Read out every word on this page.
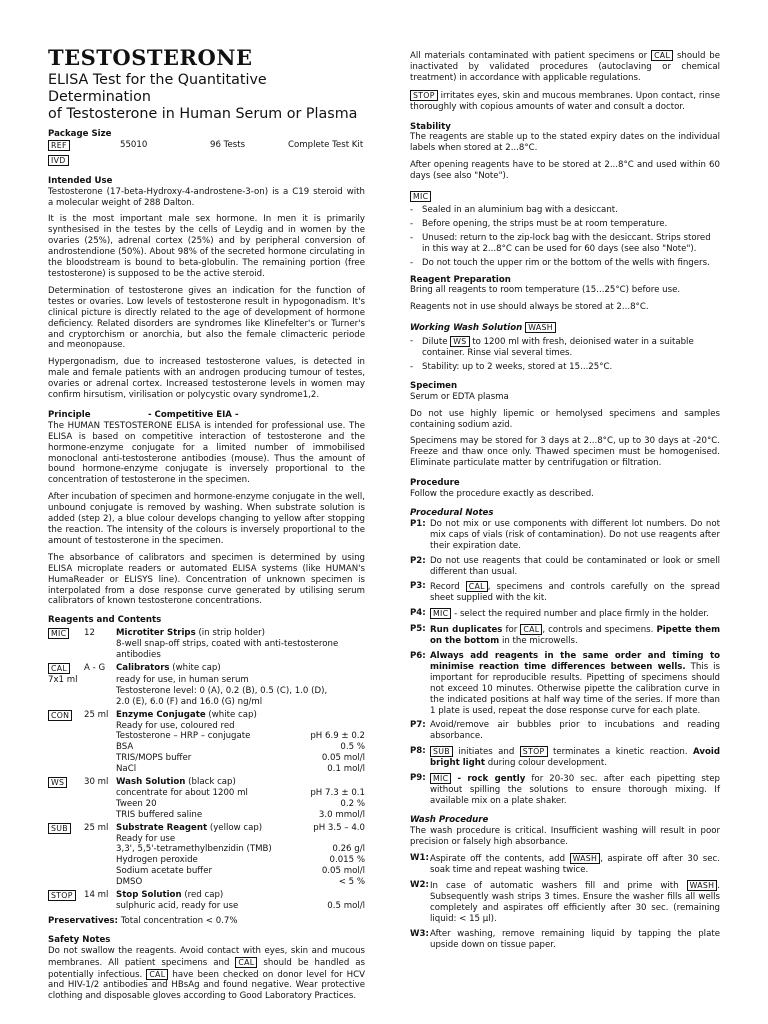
TESTOSTERONE
ELISA Test for the Quantitative Determination
of Testosterone in Human Serum or Plasma
Package Size
REF	55010	96 Tests	Complete Test Kit
IVD
Intended Use

Testosterone (17-beta-Hydroxy-4-androstene-3-on) is a C19 steroid with a molecular weight of 288 Dalton.

It is the most important male sex hormone. In men it is primarily synthesised in the testes by the cells of Leydig and in women by the ovaries (25%), adrenal cortex (25%) and by peripheral conversion of androstendione (50%). About 98% of the secreted hormone circulating in the bloodstream is bound to beta-globulin. The remaining portion (free testosterone) is supposed to be the active steroid.

Determination of testosterone gives an indication for the function of testes or ovaries. Low levels of testosterone result in hypogonadism. It's clinical picture is directly related to the age of development of hormone deficiency. Related disorders are syndromes like Klinefelter's or Turner's and cryptorchism or anorchia, but also the female climacteric periode and meonopause.

Hypergonadism, due to increased testosterone values, is detected in male and female patients with an androgen producing tumour of testes, ovaries or adrenal cortex. Increased testosterone levels in women may confirm hirsutism, virilisation or polycystic ovary syndrome1,2.

Principle	- Competitive EIA -

The HUMAN TESTOSTERONE ELISA is intended for professional use. The ELISA is based on competitive interaction of testosterone and the hormone-enzyme conjugate for a limited number of immobilised monoclonal anti-testosterone antibodies (mouse). Thus the amount of bound hormone-enzyme conjugate is inversely proportional to the concentration of testosterone in the specimen.

After incubation of specimen and hormone-enzyme conjugate in the well, unbound conjugate is removed by washing. When substrate solution is added (step 2), a blue colour develops changing to yellow after stopping the reaction. The intensity of the colours is inversely proportional to the amount of testosterone in the specimen.

The absorbance of calibrators and specimen is determined by using ELISA microplate readers or automated ELISA systems (like HUMAN's HumaReader or ELISYS line). Concentration of unknown specimen is interpolated from a dose response curve generated by utilising serum calibrators of known testosterone concentrations.

Reagents and Contents
MIC	12	Microtiter Strips (in strip holder)
8-well snap-off strips, coated with anti-testosterone antibodies
CAL	A - G	Calibrators (white cap)
7x1 ml	ready for use, in human serum
Testosterone level: 0 (A), 0.2 (B), 0.5 (C), 1.0 (D),
2.0 (E), 6.0 (F) and 16.0 (G) ng/ml
CON	25 ml Enzyme Conjugate (white cap)
Ready for use, coloured red
Testosterone – HRP – conjugate	pH 6.9 ± 0.2
BSA	0.5 %
TRIS/MOPS buffer	0.05 mol/l
NaCl	0.1 mol/l
WS	30 ml Wash Solution (black cap)
concentrate for about 1200 ml	pH 7.3 ± 0.1
Tween 20	0.2 %
TRIS buffered saline	3.0 mmol/l
SUB	25 ml Substrate Reagent (yellow cap)	pH 3.5 – 4.0
Ready for use
3,3', 5,5'-tetramethylbenzidin (TMB)	0.26 g/l
Hydrogen peroxide	0.015 %
Sodium acetate buffer	0.05 mol/l
DMSO	< 5 %
STOP	14 ml Stop Solution (red cap)
sulphuric acid, ready for use	0.5 mol/l

Preservatives: Total concentration < 0.7%

Safety Notes

Do not swallow the reagents. Avoid contact with eyes, skin and mucous membranes. All patient specimens and CAL should be handled as potentially infectious. CAL have been checked on donor level for HCV and HIV-1/2 antibodies and HBsAg and found negative. Wear protective clothing and disposable gloves according to Good Laboratory Practices.

All materials contaminated with patient specimens or CAL should be inactivated by validated procedures (autoclaving or chemical treatment) in accordance with applicable regulations.

STOP irritates eyes, skin and mucous membranes. Upon contact, rinse thoroughly with copious amounts of water and consult a doctor.

Stability

The reagents are stable up to the stated expiry dates on the individual labels when stored at 2...8°C.

After opening reagents have to be stored at 2...8°C and used within 60 days (see also "Note").

MIC
-	Sealed in an aluminium bag with a desiccant.
-	Before opening, the strips must be at room temperature.
-	Unused: return to the zip-lock bag with the desiccant. Strips stored in this way at 2...8°C can be used for 60 days (see also "Note").
-	Do not touch the upper rim or the bottom of the wells with fingers.
Reagent Preparation

Bring all reagents to room temperature (15...25°C) before use.

Reagents not in use should always be stored at 2...8°C.

Working Wash Solution WASH
-	Dilute WS to 1200 ml with fresh, deionised water in a suitable container. Rinse vial several times.
-	Stability: up to 2 weeks, stored at 15...25°C.
Specimen

Serum or EDTA plasma

Do not use highly lipemic or hemolysed specimens and samples containing sodium azid.

Specimens may be stored for 3 days at 2...8°C, up to 30 days at -20°C. Freeze and thaw once only. Thawed specimen must be homogenised. Eliminate particulate matter by centrifugation or filtration.

Procedure

Follow the procedure exactly as described.

Procedural Notes
P1: Do not mix or use components with different lot numbers. Do not mix caps of vials (risk of contamination). Do not use reagents after their expiration date.
P2: Do not use reagents that could be contaminated or look or smell different than usual.
P3: Record CAL , specimens and controls carefully on the spread sheet supplied with the kit.
P4: MIC - select the required number and place firmly in the holder.
P5: Run duplicates for CAL , controls and specimens. Pipette them on the bottom in the microwells.
P6: Always add reagents in the same order and timing to minimise reaction time differences between wells. This is important for reproducible results. Pipetting of specimens should not exceed 10 minutes. Otherwise pipette the calibration curve in the indicated positions at half way time of the series. If more than 1 plate is used, repeat the dose response curve for each plate.
P7: Avoid/remove air bubbles prior to incubations and reading absorbance.
P8: SUB initiates and STOP terminates a kinetic reaction. Avoid bright light during colour development.
P9: MIC - rock gently for 20-30 sec. after each pipetting step without spilling the solutions to ensure thorough mixing. If available mix on a plate shaker.
Wash Procedure

The wash procedure is critical. Insufficient washing will result in poor precision or falsely high absorbance.

W1: Aspirate off the contents, add WASH , aspirate off after 30 sec. soak time and repeat washing twice.
W2: In case of automatic washers fill and prime with WASH . Subsequently wash strips 3 times. Ensure the washer fills all wells completely and aspirates off efficiently after 30 sec. (remaining liquid: < 15 µl).
W3: After washing, remove remaining liquid by tapping the plate upside down on tissue paper.
